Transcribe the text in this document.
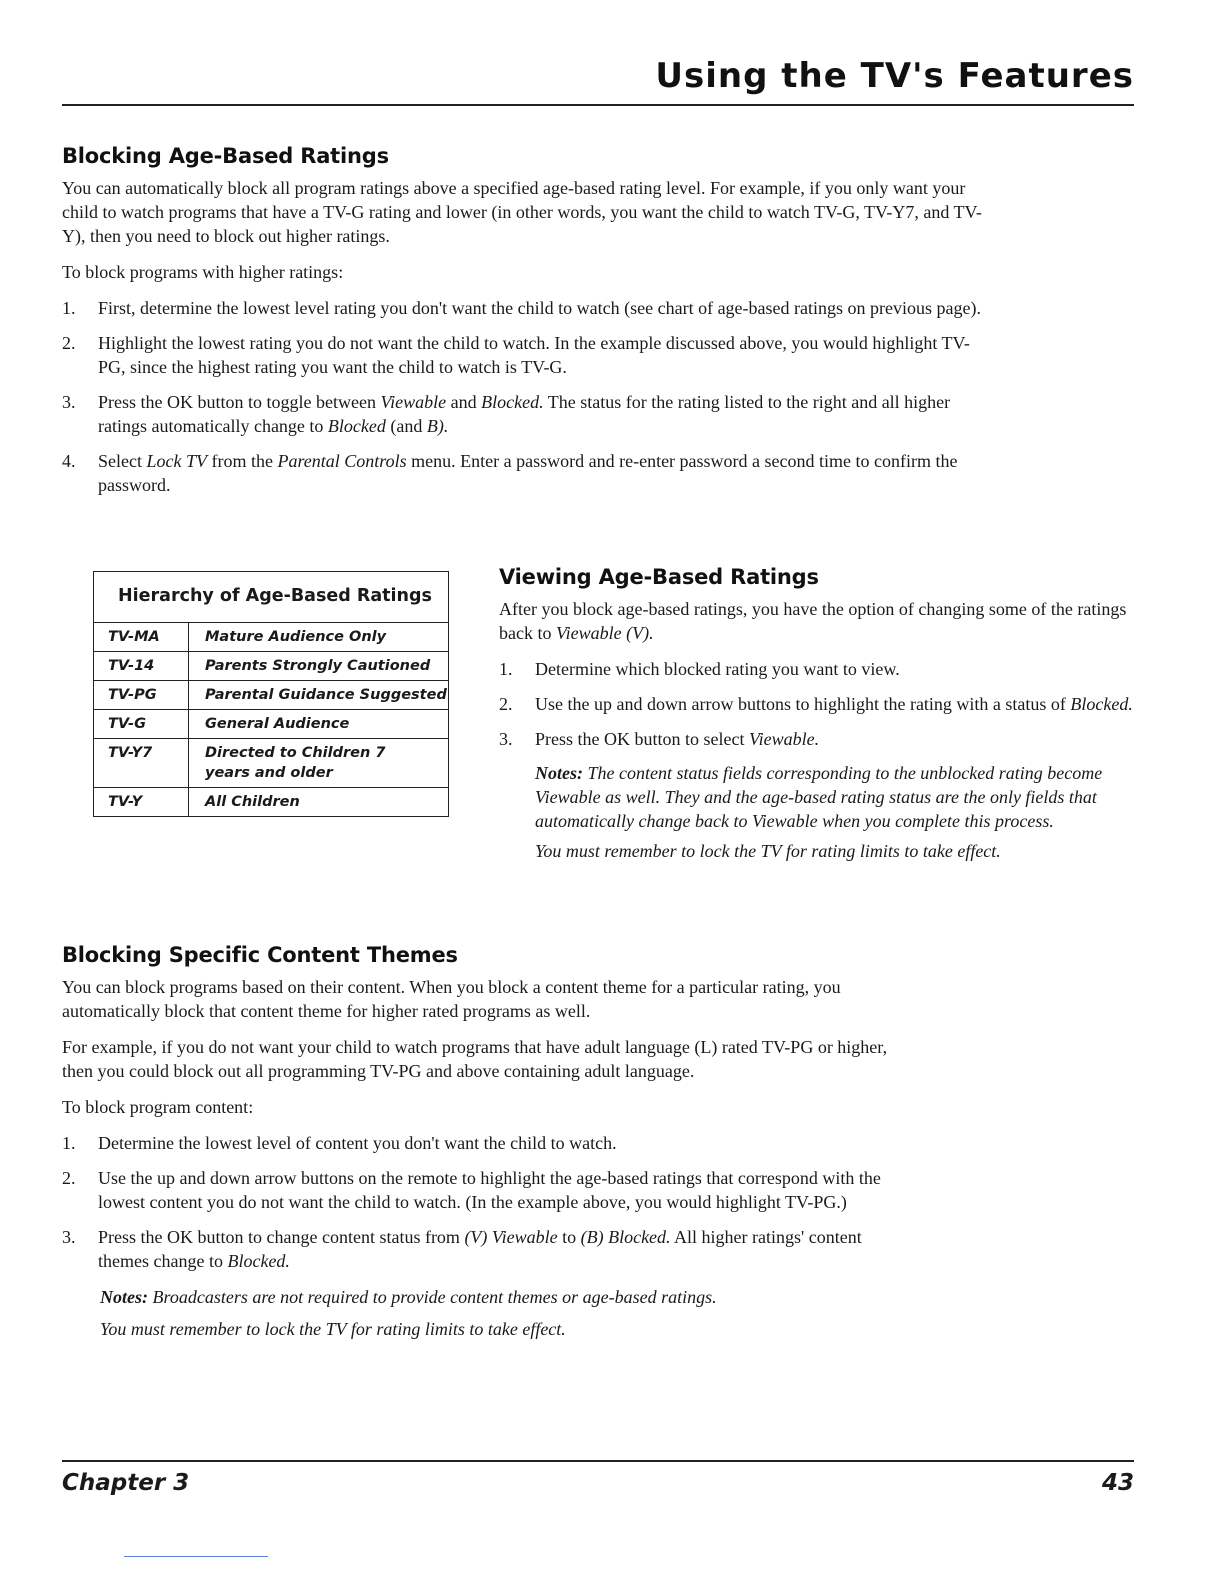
Using the TV's Features
Blocking Age-Based Ratings

You can automatically block all program ratings above a specified age-based rating level. For example, if you only want your child to watch programs that have a TV-G rating and lower (in other words, you want the child to watch TV-G, TV-Y7, and TV-Y), then you need to block out higher ratings.

To block programs with higher ratings:

1. First, determine the lowest level rating you don't want the child to watch (see chart of age-based ratings on previous page).
2. Highlight the lowest rating you do not want the child to watch. In the example discussed above, you would highlight TV-PG, since the highest rating you want the child to watch is TV-G.
3. Press the OK button to toggle between Viewable and Blocked. The status for the rating listed to the right and all higher ratings automatically change to Blocked (and B).
4. Select Lock TV from the Parental Controls menu. Enter a password and re-enter password a second time to confirm the password.
Hierarchy of Age-Based Ratings	
TV-MA	Mature Audience Only
TV-14	Parents Strongly Cautioned
TV-PG	Parental Guidance Suggested
TV-G	General Audience
TV-Y7	Directed to Children 7 years and older
TV-Y	All Children
Viewing Age-Based Ratings

After you block age-based ratings, you have the option of changing some of the ratings back to Viewable (V).

1. Determine which blocked rating you want to view.
2. Use the up and down arrow buttons to highlight the rating with a status of Blocked.
3. Press the OK button to select Viewable.
Notes: The content status fields corresponding to the unblocked rating become Viewable as well. They and the age-based rating status are the only fields that automatically change back to Viewable when you complete this process.
You must remember to lock the TV for rating limits to take effect.
Blocking Specific Content Themes

You can block programs based on their content. When you block a content theme for a particular rating, you automatically block that content theme for higher rated programs as well.

For example, if you do not want your child to watch programs that have adult language (L) rated TV-PG or higher, then you could block out all programming TV-PG and above containing adult language.

To block program content:

1. Determine the lowest level of content you don't want the child to watch.
2. Use the up and down arrow buttons on the remote to highlight the age-based ratings that correspond with the lowest content you do not want the child to watch. (In the example above, you would highlight TV-PG.)
3. Press the OK button to change content status from (V) Viewable to (B) Blocked. All higher ratings' content themes change to Blocked.
Notes: Broadcasters are not required to provide content themes or age-based ratings.
You must remember to lock the TV for rating limits to take effect.
Chapter 3	43
